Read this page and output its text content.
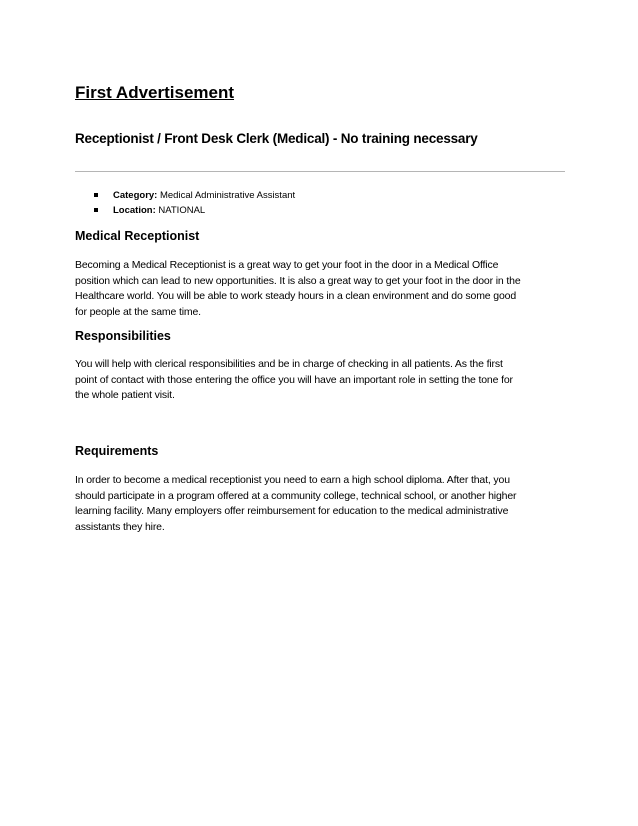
First Advertisement
Receptionist / Front Desk Clerk (Medical) - No training necessary
Category: Medical Administrative Assistant
Location: NATIONAL
Medical Receptionist

Becoming a Medical Receptionist is a great way to get your foot in the door in a Medical Office
position which can lead to new opportunities. It is also a great way to get your foot in the door in the
Healthcare world. You will be able to work steady hours in a clean environment and do some good
for people at the same time.

Responsibilities

You will help with clerical responsibilities and be in charge of checking in all patients. As the first
point of contact with those entering the office you will have an important role in setting the tone for
the whole patient visit.

Requirements

In order to become a medical receptionist you need to earn a high school diploma. After that, you
should participate in a program offered at a community college, technical school, or another higher
learning facility. Many employers offer reimbursement for education to the medical administrative
assistants they hire.
